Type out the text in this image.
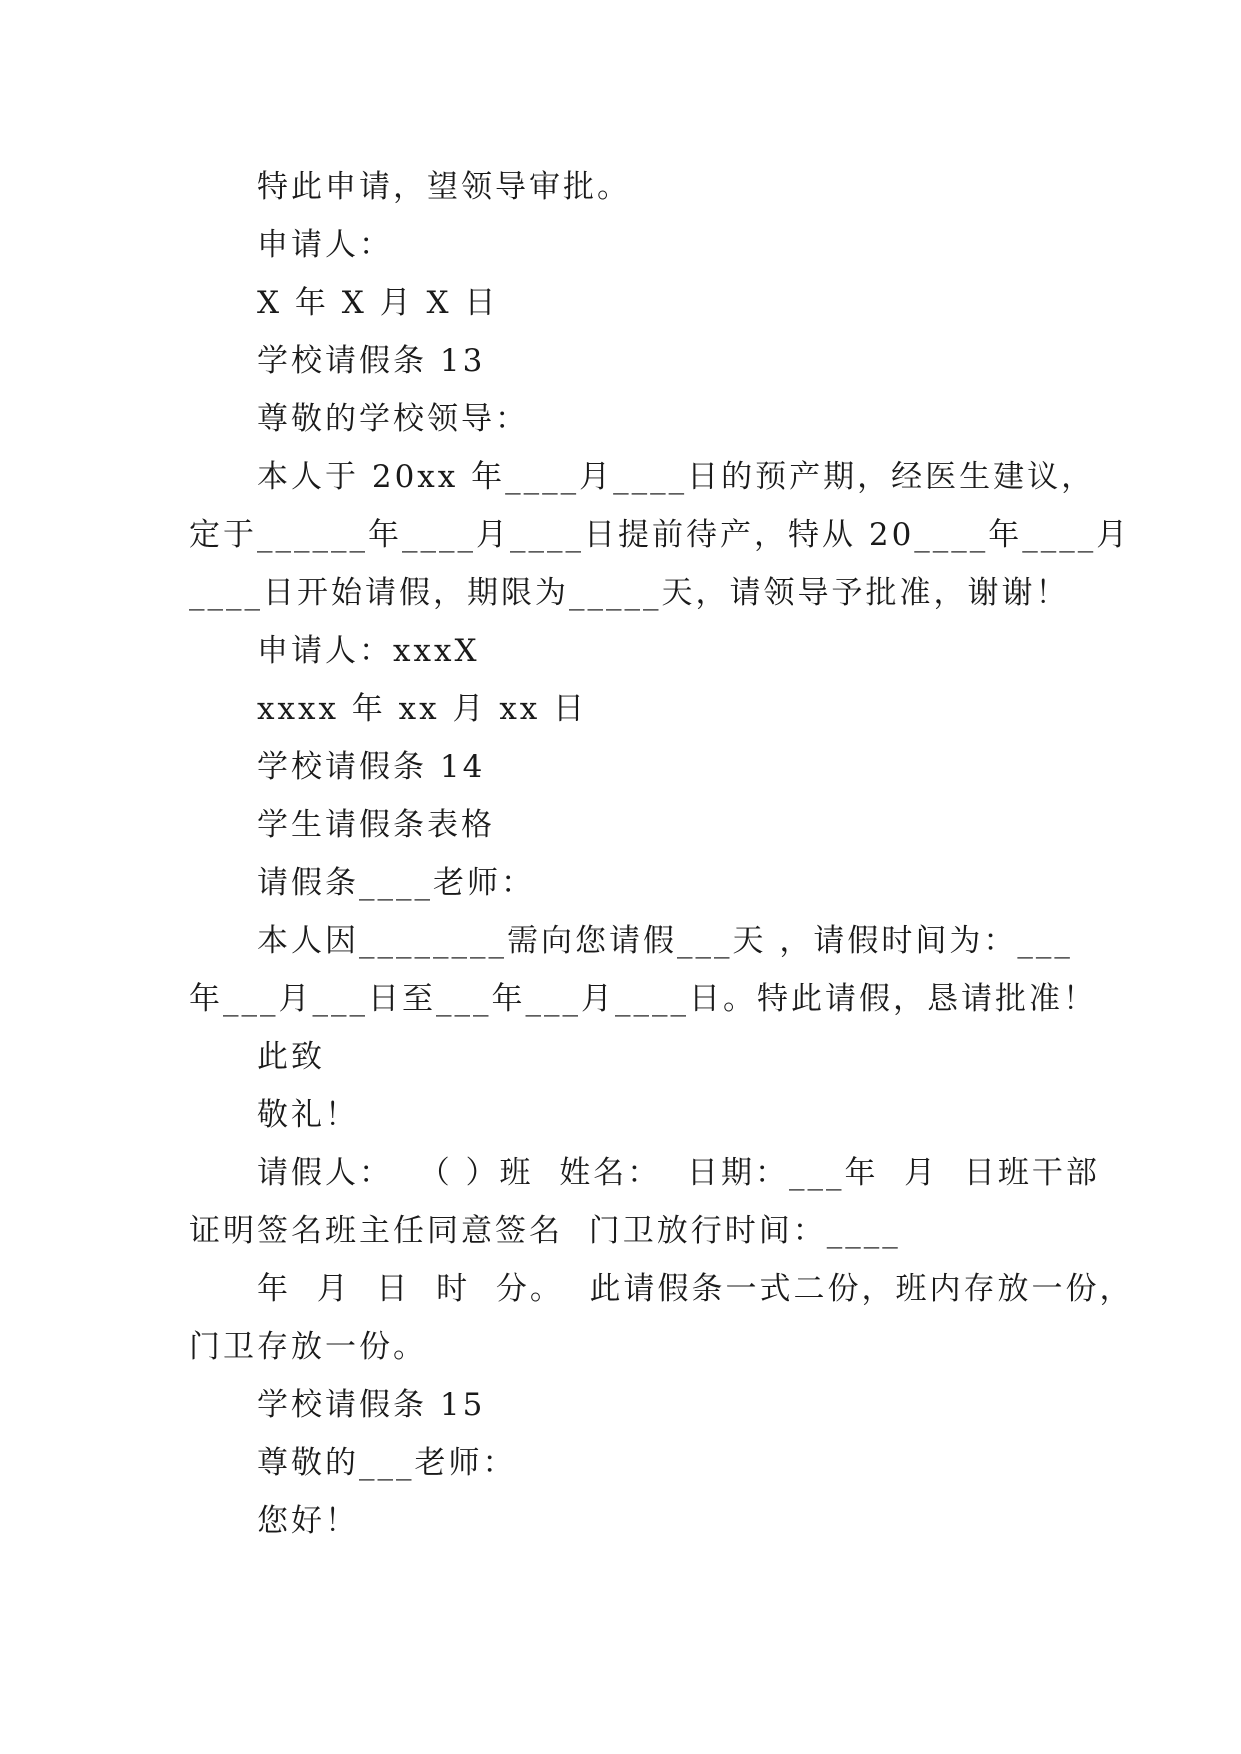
特此申请，望领导审批。

申请人：

X 年 X 月 X 日

学校请假条 13

尊敬的学校领导：

本人于 20xx 年____月____日的预产期，经医生建议，

定于______年____月____日提前待产，特从 20____年____月

____日开始请假，期限为_____天，请领导予批准，谢谢！

申请人：xxxX

xxxx 年 xx 月 xx 日

学校请假条 14

学生请假条表格

请假条____老师：

本人因________需向您请假___天 ，请假时间为：___

年___月___日至___年___月____日。特此请假，恳请批准！

此致

敬礼！

请假人：  （ ）班  姓名：  日期：___年  月  日班干部

证明签名班主任同意签名  门卫放行时间：____

年  月  日  时  分。  此请假条一式二份，班内存放一份，

门卫存放一份。

学校请假条 15

尊敬的___老师：

您好！
